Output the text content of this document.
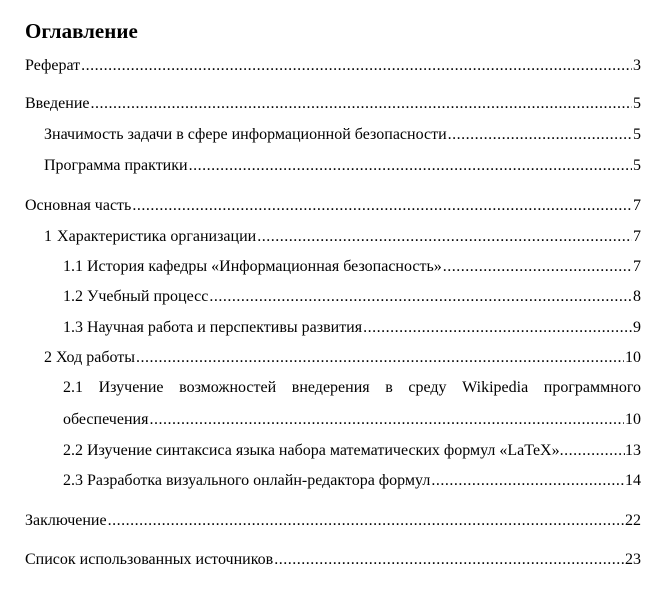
Оглавление
Реферат .....	3
Введение .....	5
Значимость задачи в сфере информационной безопасности .....	5
Программа практики .....	5
Основная часть .....	7
1 Характеристика организации .....	7
1.1 История кафедры «Информационная безопасность» .....	7
1.2 Учебный процесс .....	8
1.3 Научная работа и перспективы развития .....	9
2 Ход работы .....	10
2.1 Изучение возможностей внедерения в среду Wikipedia программного
обеспечения .....	10
2.2 Изучение синтаксиса языка набора математических формул «LaTeX» .....	13
2.3 Разработка визуального онлайн-редактора формул .....	14
Заключение .....	22
Список использованных источников .....	23
